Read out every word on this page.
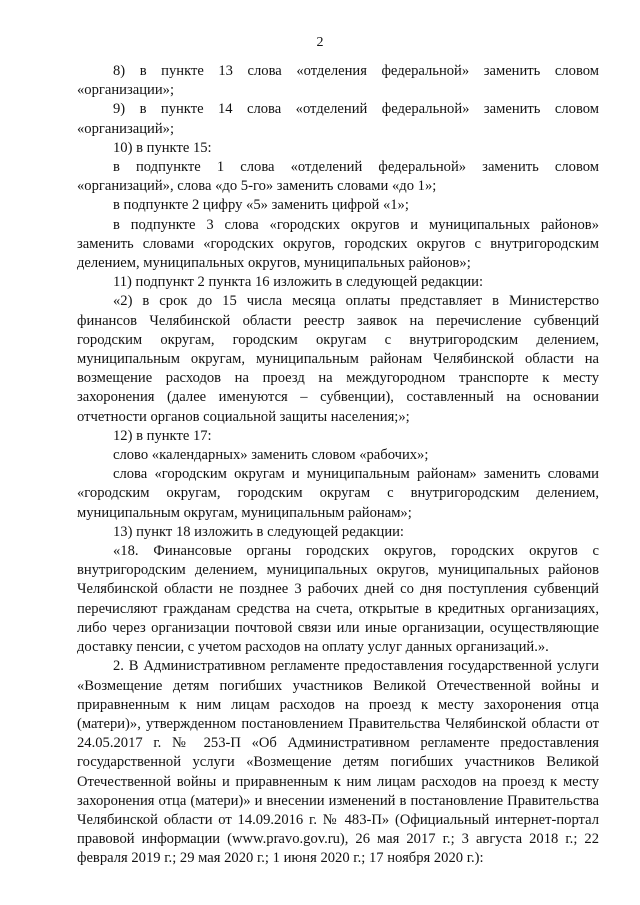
2

8) в пункте 13 слова «отделения федеральной» заменить словом «организации»;

9) в пункте 14 слова «отделений федеральной» заменить словом «организаций»;

10) в пункте 15:

в подпункте 1 слова «отделений федеральной» заменить словом «организаций», слова «до 5-го» заменить словами «до 1»;

в подпункте 2 цифру «5» заменить цифрой «1»;

в подпункте 3 слова «городских округов и муниципальных районов» заменить словами «городских округов, городских округов с внутригородским делением, муниципальных округов, муниципальных районов»;

11) подпункт 2 пункта 16 изложить в следующей редакции:

«2) в срок до 15 числа месяца оплаты представляет в Министерство финансов Челябинской области реестр заявок на перечисление субвенций городским округам, городским округам с внутригородским делением, муниципальным округам, муниципальным районам Челябинской области на возмещение расходов на проезд на междугородном транспорте к месту захоронения (далее именуются – субвенции), составленный на основании отчетности органов социальной защиты населения;»;

12) в пункте 17:

слово «календарных» заменить словом «рабочих»;

слова «городским округам и муниципальным районам» заменить словами «городским округам, городским округам с внутригородским делением, муниципальным округам, муниципальным районам»;

13) пункт 18 изложить в следующей редакции:

«18. Финансовые органы городских округов, городских округов с внутригородским делением, муниципальных округов, муниципальных районов Челябинской области не позднее 3 рабочих дней со дня поступления субвенций перечисляют гражданам средства на счета, открытые в кредитных организациях, либо через организации почтовой связи или иные организации, осуществляющие доставку пенсии, с учетом расходов на оплату услуг данных организаций.».

2. В Административном регламенте предоставления государственной услуги «Возмещение детям погибших участников Великой Отечественной войны и приравненным к ним лицам расходов на проезд к месту захоронения отца (матери)», утвержденном постановлением Правительства Челябинской области от 24.05.2017 г. № 253-П «Об Административном регламенте предоставления государственной услуги «Возмещение детям погибших участников Великой Отечественной войны и приравненным к ним лицам расходов на проезд к месту захоронения отца (матери)» и внесении изменений в постановление Правительства Челябинской области от 14.09.2016 г. № 483-П» (Официальный интернет-портал правовой информации (www.pravo.gov.ru), 26 мая 2017 г.; 3 августа 2018 г.; 22 февраля 2019 г.; 29 мая 2020 г.; 1 июня 2020 г.; 17 ноября 2020 г.):
